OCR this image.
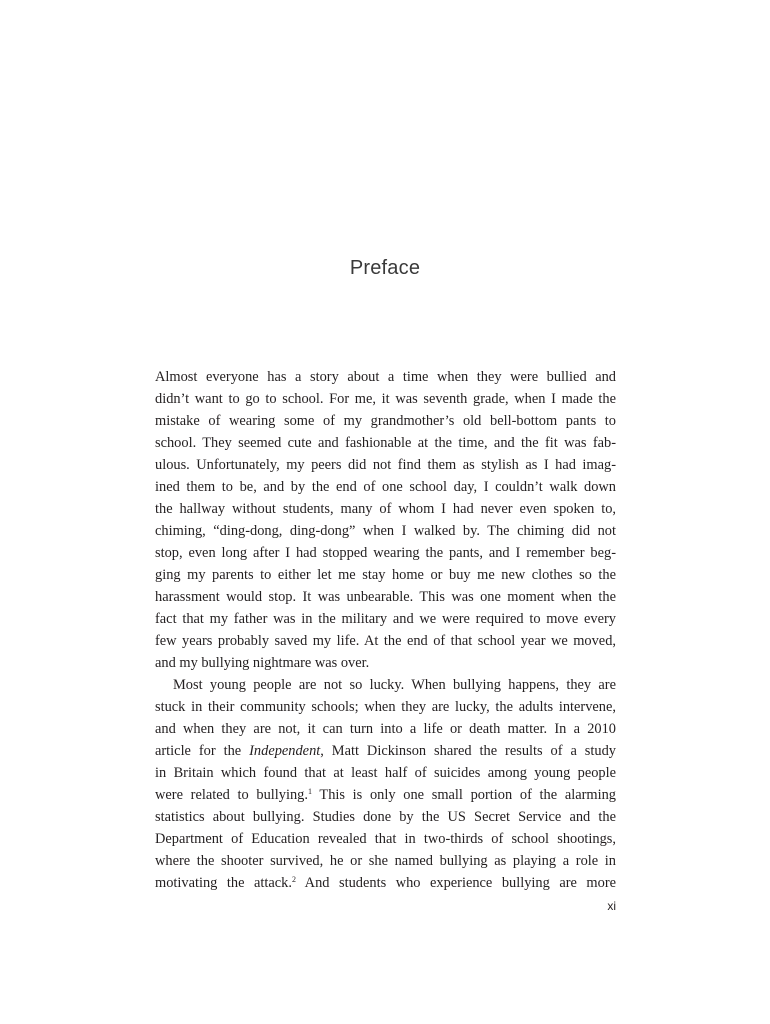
Preface
Almost everyone has a story about a time when they were bullied and
didn’t want to go to school. For me, it was seventh grade, when I made the
mistake of wearing some of my grandmother’s old bell-bottom pants to
school. They seemed cute and fashionable at the time, and the fit was fab-
ulous. Unfortunately, my peers did not find them as stylish as I had imag-
ined them to be, and by the end of one school day, I couldn’t walk down
the hallway without students, many of whom I had never even spoken to,
chiming, “ding-dong, ding-dong” when I walked by. The chiming did not
stop, even long after I had stopped wearing the pants, and I remember beg-
ging my parents to either let me stay home or buy me new clothes so the
harassment would stop. It was unbearable. This was one moment when the
fact that my father was in the military and we were required to move every
few years probably saved my life. At the end of that school year we moved,
and my bullying nightmare was over.
Most young people are not so lucky. When bullying happens, they are
stuck in their community schools; when they are lucky, the adults intervene,
and when they are not, it can turn into a life or death matter. In a 2010
article for the Independent, Matt Dickinson shared the results of a study
in Britain which found that at least half of suicides among young people
were related to bullying.$^1$ This is only one small portion of the alarming
statistics about bullying. Studies done by the US Secret Service and the
Department of Education revealed that in two-thirds of school shootings,
where the shooter survived, he or she named bullying as playing a role in
motivating the attack.$^2$ And students who experience bullying are more
xi
